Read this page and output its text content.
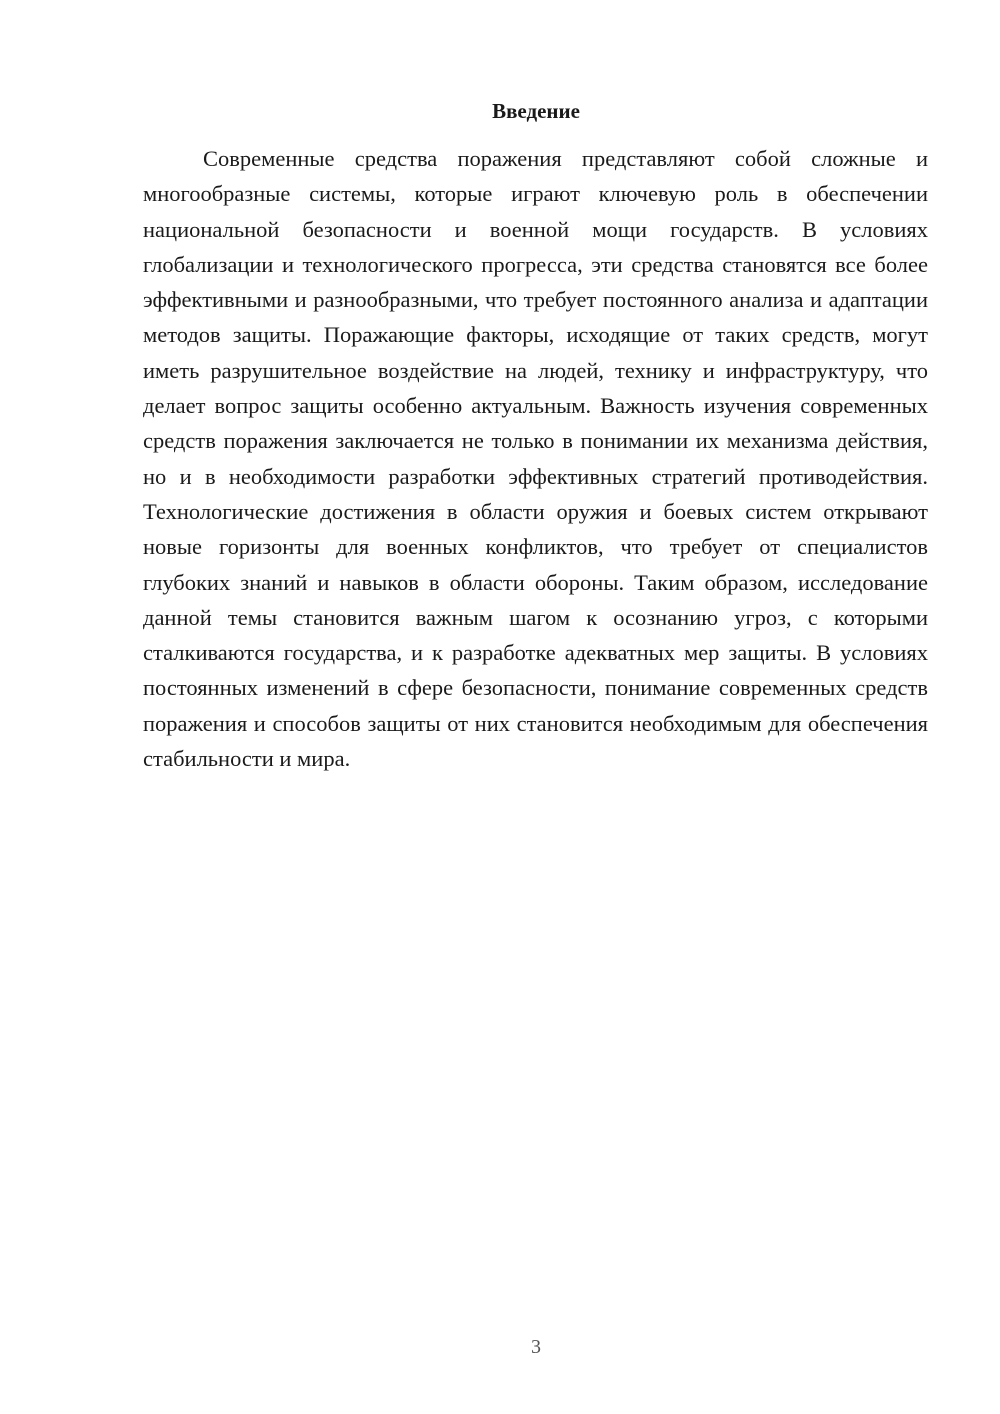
Введение

Современные средства поражения представляют собой сложные и многообразные системы, которые играют ключевую роль в обеспечении национальной безопасности и военной мощи государств. В условиях глобализации и технологического прогресса, эти средства становятся все более эффективными и разнообразными, что требует постоянного анализа и адаптации методов защиты. Поражающие факторы, исходящие от таких средств, могут иметь разрушительное воздействие на людей, технику и инфраструктуру, что делает вопрос защиты особенно актуальным. Важность изучения современных средств поражения заключается не только в понимании их механизма действия, но и в необходимости разработки эффективных стратегий противодействия. Технологические достижения в области оружия и боевых систем открывают новые горизонты для военных конфликтов, что требует от специалистов глубоких знаний и навыков в области обороны. Таким образом, исследование данной темы становится важным шагом к осознанию угроз, с которыми сталкиваются государства, и к разработке адекватных мер защиты. В условиях постоянных изменений в сфере безопасности, понимание современных средств поражения и способов защиты от них становится необходимым для обеспечения стабильности и мира.

3
